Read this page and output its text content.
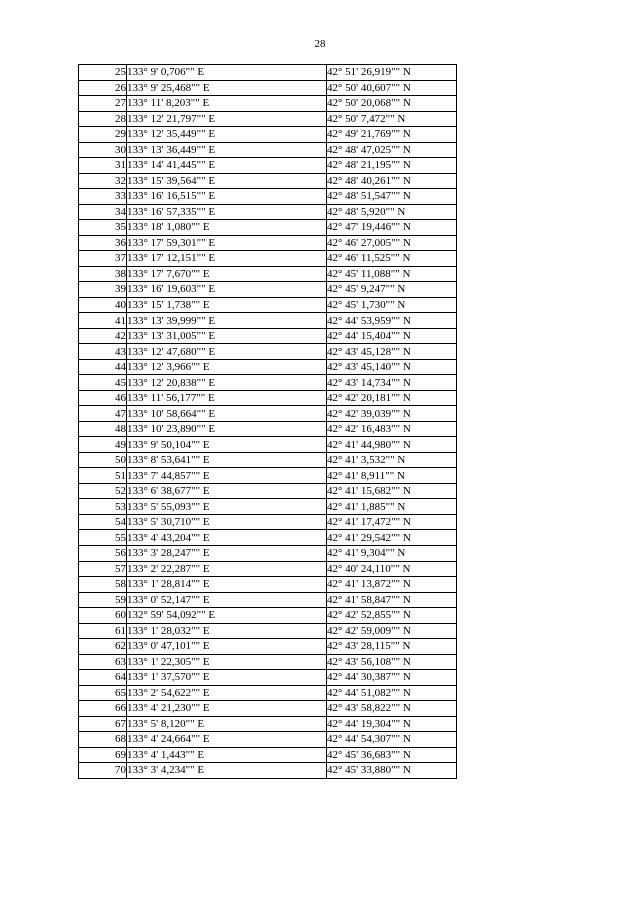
28
25	133° 9' 0,706"" E	42° 51' 26,919"" N
26	133° 9' 25,468"" E	42° 50' 40,607"" N
27	133° 11' 8,203"" E	42° 50' 20,068"" N
28	133° 12' 21,797"" E	42° 50' 7,472"" N
29	133° 12' 35,449"" E	42° 49' 21,769"" N
30	133° 13' 36,449"" E	42° 48' 47,025"" N
31	133° 14' 41,445"" E	42° 48' 21,195"" N
32	133° 15' 39,564"" E	42° 48' 40,261"" N
33	133° 16' 16,515"" E	42° 48' 51,547"" N
34	133° 16' 57,335"" E	42° 48' 5,920"" N
35	133° 18' 1,080"" E	42° 47' 19,446"" N
36	133° 17' 59,301"" E	42° 46' 27,005"" N
37	133° 17' 12,151"" E	42° 46' 11,525"" N
38	133° 17' 7,670"" E	42° 45' 11,088"" N
39	133° 16' 19,603"" E	42° 45' 9,247"" N
40	133° 15' 1,738"" E	42° 45' 1,730"" N
41	133° 13' 39,999"" E	42° 44' 53,959"" N
42	133° 13' 31,005"" E	42° 44' 15,404"" N
43	133° 12' 47,680"" E	42° 43' 45,128"" N
44	133° 12' 3,966"" E	42° 43' 45,140"" N
45	133° 12' 20,838"" E	42° 43' 14,734"" N
46	133° 11' 56,177"" E	42° 42' 20,181"" N
47	133° 10' 58,664"" E	42° 42' 39,039"" N
48	133° 10' 23,890"" E	42° 42' 16,483"" N
49	133° 9' 50,104"" E	42° 41' 44,980"" N
50	133° 8' 53,641"" E	42° 41' 3,532"" N
51	133° 7' 44,857"" E	42° 41' 8,911"" N
52	133° 6' 38,677"" E	42° 41' 15,682"" N
53	133° 5' 55,093"" E	42° 41' 1,885"" N
54	133° 5' 30,710"" E	42° 41' 17,472"" N
55	133° 4' 43,204"" E	42° 41' 29,542"" N
56	133° 3' 28,247"" E	42° 41' 9,304"" N
57	133° 2' 22,287"" E	42° 40' 24,110"" N
58	133° 1' 28,814"" E	42° 41' 13,872"" N
59	133° 0' 52,147"" E	42° 41' 58,847"" N
60	132° 59' 54,092"" E	42° 42' 52,855"" N
61	133° 1' 28,032"" E	42° 42' 59,009"" N
62	133° 0' 47,101"" E	42° 43' 28,115"" N
63	133° 1' 22,305"" E	42° 43' 56,108"" N
64	133° 1' 37,570"" E	42° 44' 30,387"" N
65	133° 2' 54,622"" E	42° 44' 51,082"" N
66	133° 4' 21,230"" E	42° 43' 58,822"" N
67	133° 5' 8,120"" E	42° 44' 19,304"" N
68	133° 4' 24,664"" E	42° 44' 54,307"" N
69	133° 4' 1,443"" E	42° 45' 36,683"" N
70	133° 3' 4,234"" E	42° 45' 33,880"" N
